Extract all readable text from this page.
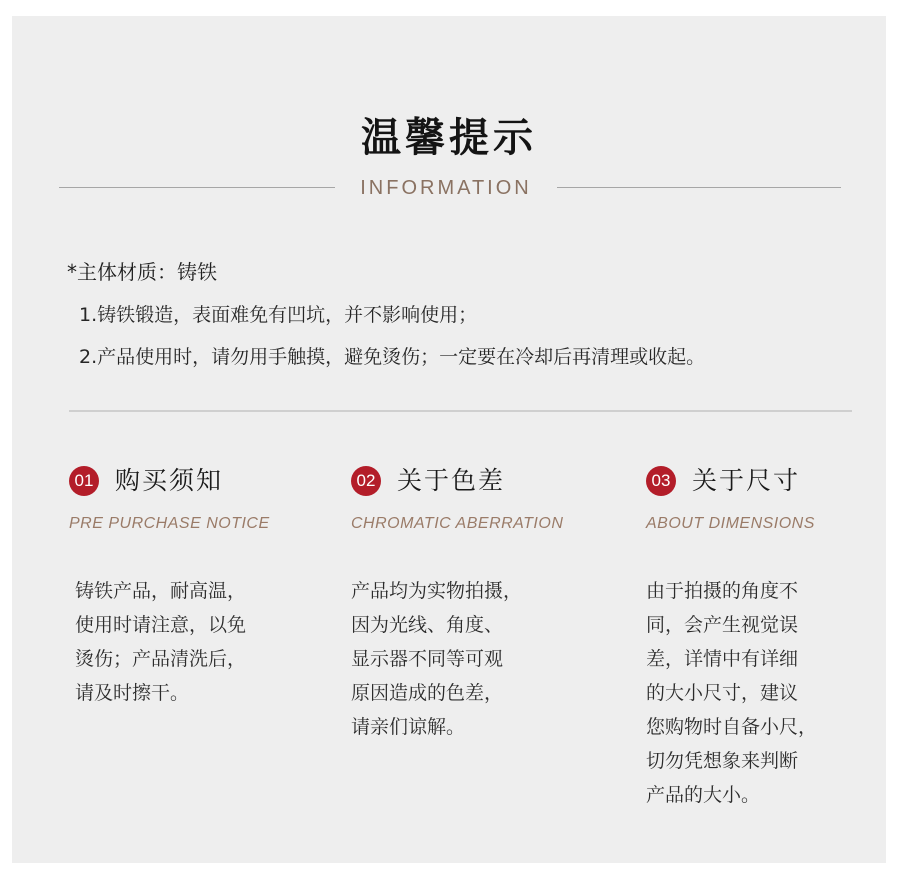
温馨提示
INFORMATION
*主体材质：铸铁
1.铸铁锻造，表面难免有凹坑，并不影响使用；
2.产品使用时，请勿用手触摸，避免烫伤；一定要在冷却后再清理或收起。
01 购买须知
PRE PURCHASE NOTICE
铸铁产品，耐高温，
使用时请注意，以免
烫伤；产品清洗后，
请及时擦干。
02 关于色差
CHROMATIC ABERRATION
产品均为实物拍摄，
因为光线、角度、
显示器不同等可观
原因造成的色差，
请亲们谅解。
03 关于尺寸
ABOUT DIMENSIONS
由于拍摄的角度不
同，会产生视觉误
差，详情中有详细
的大小尺寸，建议
您购物时自备小尺，
切勿凭想象来判断
产品的大小。
